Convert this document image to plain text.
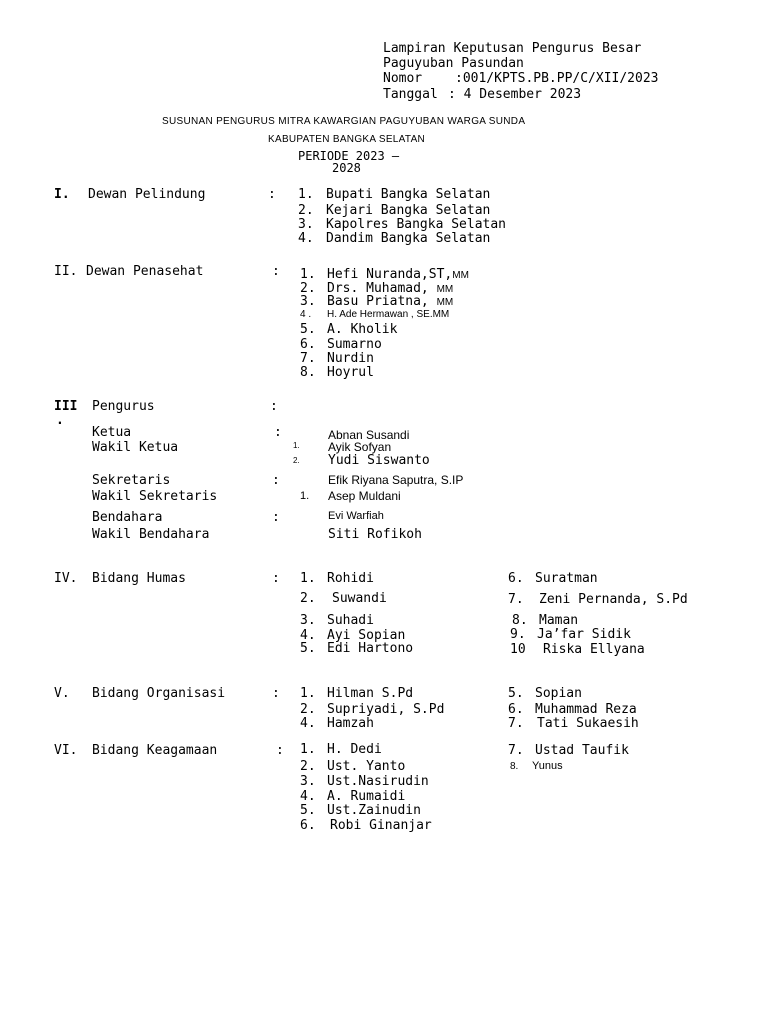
Lampiran Keputusan Pengurus Besar
Paguyuban Pasundan
Nomor	:001/KPTS.PB.PP/C/XII/2023
Tanggal : 4 Desember 2023
SUSUNAN PENGURUS MITRA KAWARGIAN PAGUYUBAN WARGA SUNDA
KABUPATEN BANGKA SELATAN
PERIODE 2023 –
2028
I. Dewan Pelindung	: 1. Bupati Bangka Selatan
2. Kejari Bangka Selatan
3. Kapolres Bangka Selatan
4. Dandim Bangka Selatan
II. Dewan Penasehat	: 1. Hefi Nuranda,ST,MM
2. Drs. Muhamad, MM
3. Basu Priatna, MM
4 . H. Ade Hermawan , SE.MM
5. A. Kholik
6. Sumarno
7. Nurdin
8. Hoyrul
III
.
Pengurus	:
Ketua	:	Abnan Susandi
Wakil Ketua	1. Ayik Sofyan
2. Yudi Siswanto
Sekretaris	:	Efik Riyana Saputra, S.IP
Wakil Sekretaris	1. Asep Muldani
Bendahara	:	Evi Warfiah
Wakil Bendahara	Siti Rofikoh
IV. Bidang Humas	: 1. Rohidi
2. Suwandi
3. Suhadi
4. Ayi Sopian
5. Edi Hartono
6. Suratman
7. Zeni Pernanda, S.Pd
8. Maman
9. Ja’far Sidik
10 Riska Ellyana
V. Bidang Organisasi	: 1. Hilman S.Pd
2. Supriyadi, S.Pd
4. Hamzah
5. Sopian
6. Muhammad Reza
7. Tati Sukaesih
VI. Bidang Keagamaan	: 1. H. Dedi
2. Ust. Yanto
3. Ust.Nasirudin
4. A. Rumaidi
5. Ust.Zainudin
6. Robi Ginanjar
7. Ustad Taufik
8. Yunus
